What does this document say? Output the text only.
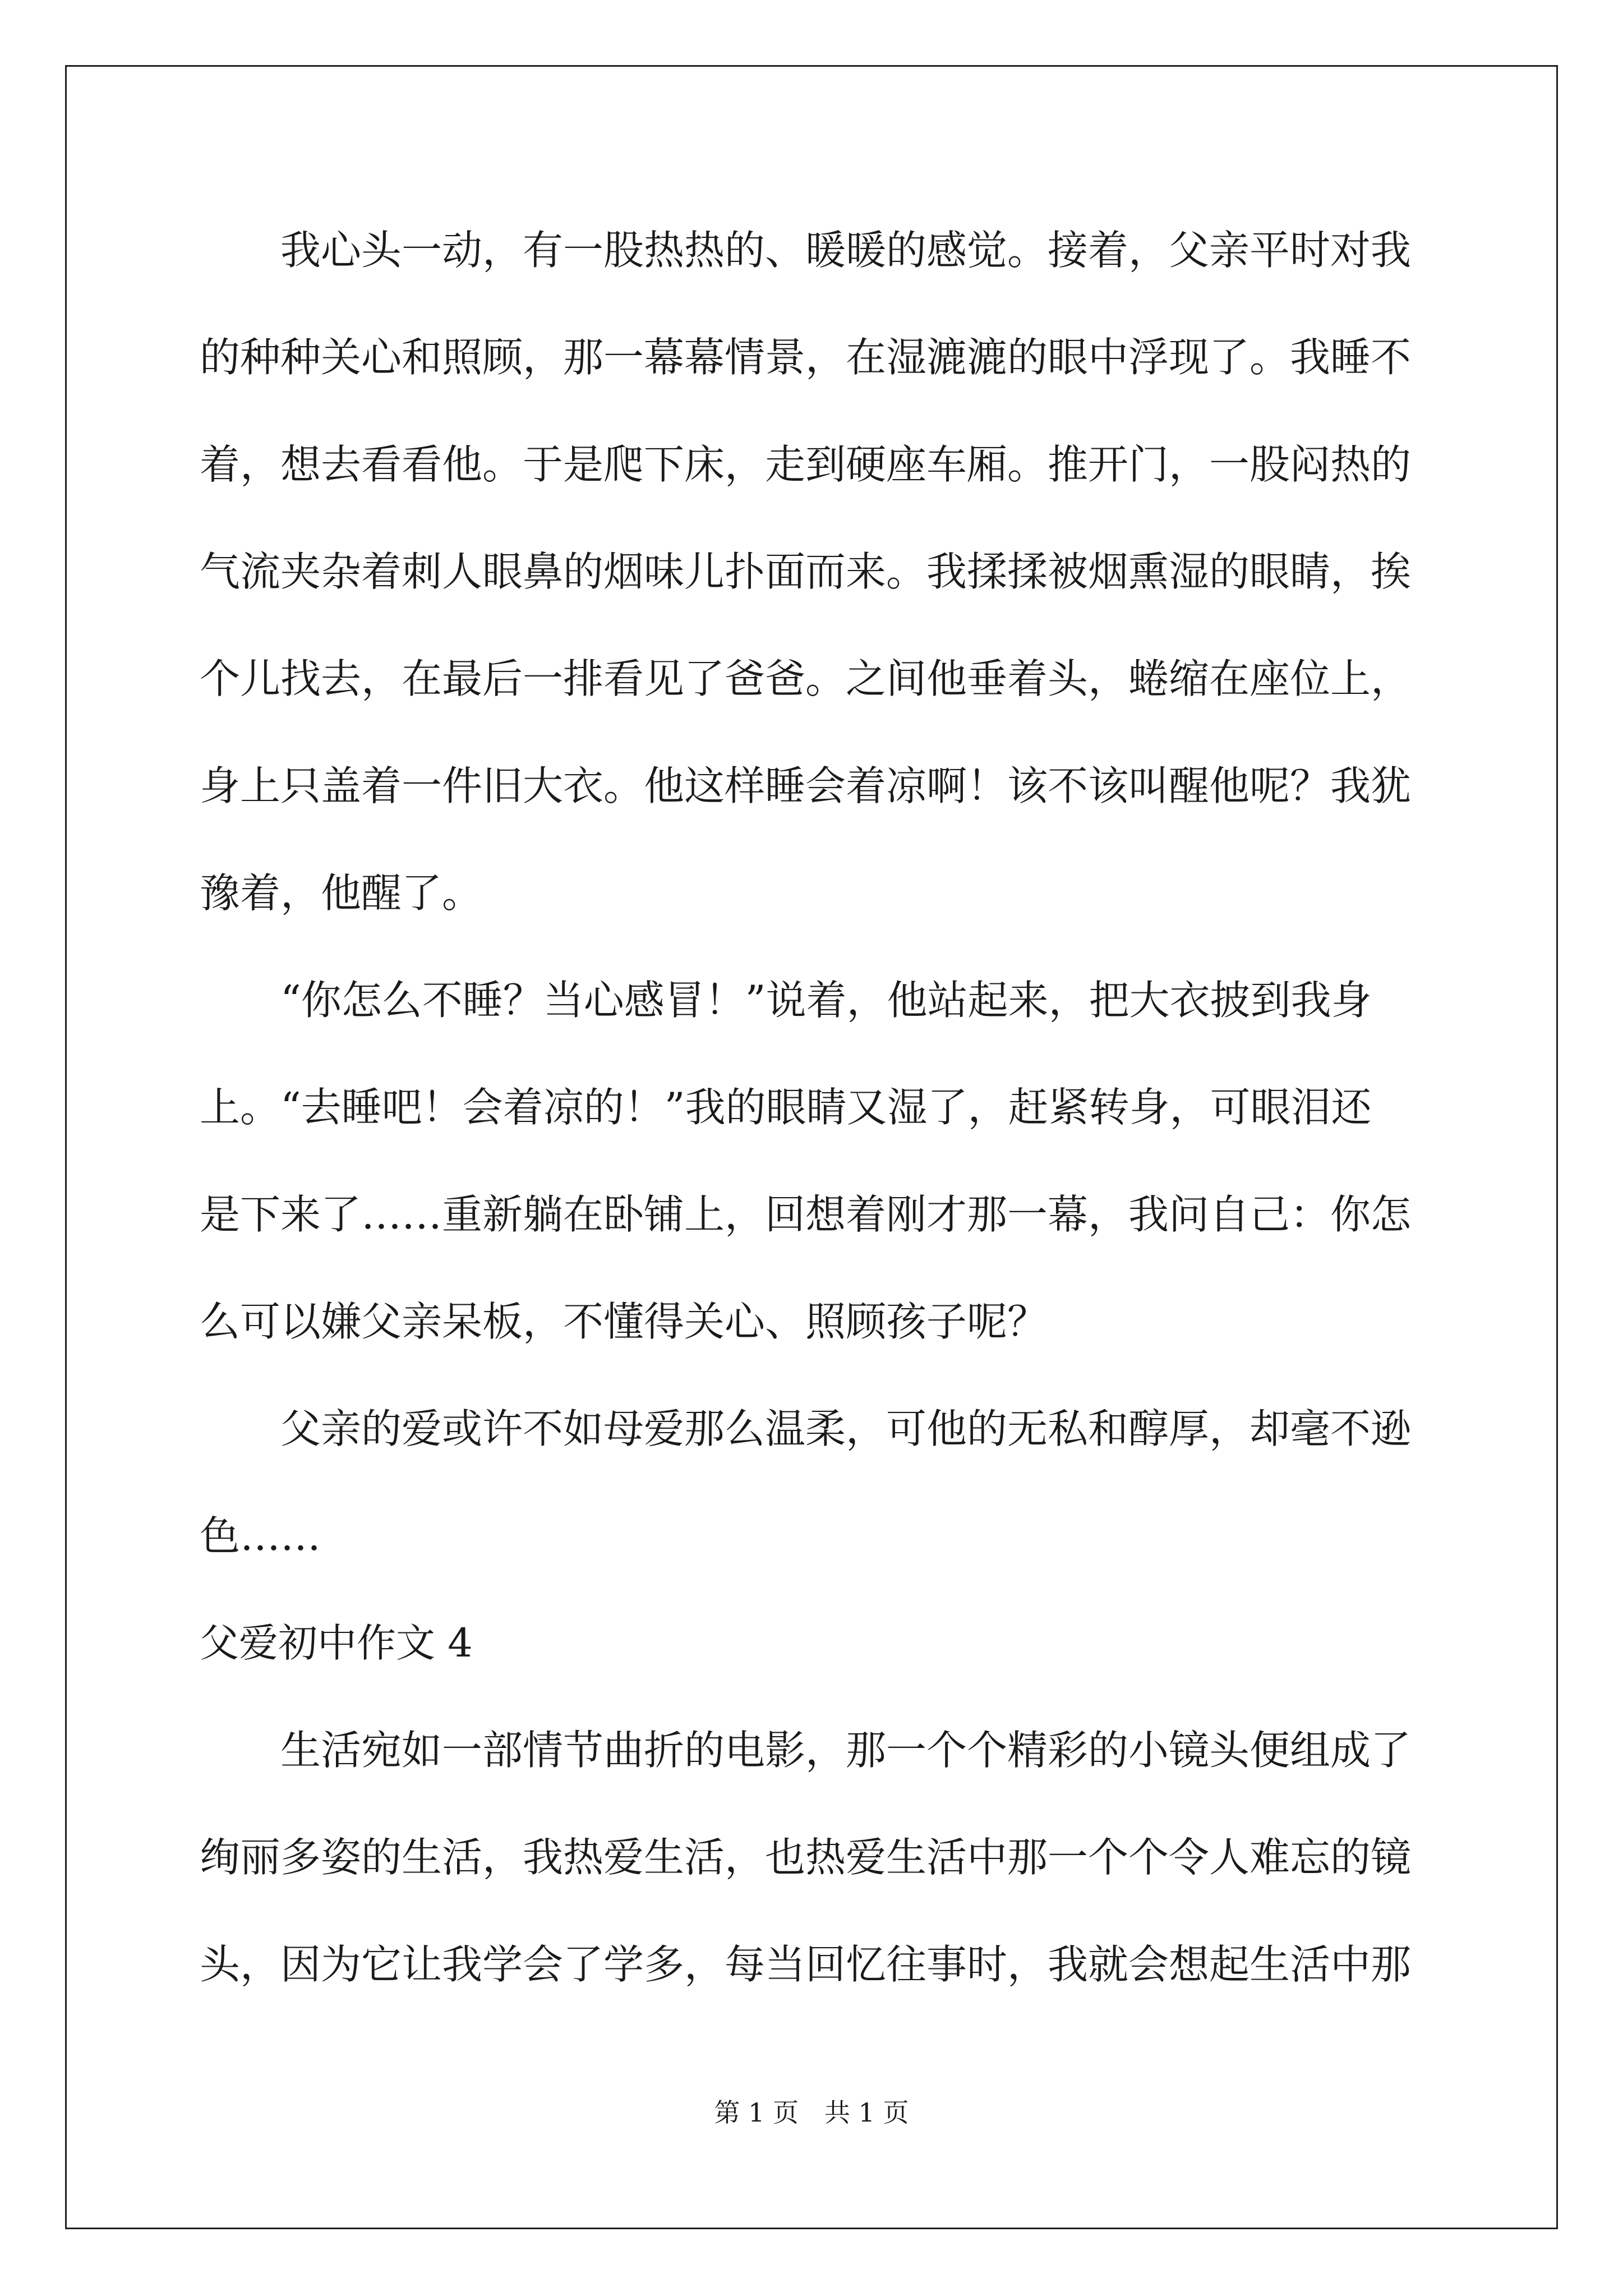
　　我心头一动，有一股热热的、暖暖的感觉。接着，父亲平时对我
的种种关心和照顾，那一幕幕情景，在湿漉漉的眼中浮现了。我睡不
着，想去看看他。于是爬下床，走到硬座车厢。推开门，一股闷热的
气流夹杂着刺人眼鼻的烟味儿扑面而来。我揉揉被烟熏湿的眼睛，挨
个儿找去，在最后一排看见了爸爸。之间他垂着头，蜷缩在座位上，
身上只盖着一件旧大衣。他这样睡会着凉啊！该不该叫醒他呢？我犹
豫着，他醒了。
　　“你怎么不睡？当心感冒！”说着，他站起来，把大衣披到我身
上。“去睡吧！会着凉的！”我的眼睛又湿了，赶紧转身，可眼泪还
是下来了……重新躺在卧铺上，回想着刚才那一幕，我问自己：你怎
么可以嫌父亲呆板，不懂得关心、照顾孩子呢？
　　父亲的爱或许不如母爱那么温柔，可他的无私和醇厚，却毫不逊
色……
父爱初中作文 4
　　生活宛如一部情节曲折的电影，那一个个精彩的小镜头便组成了
绚丽多姿的生活，我热爱生活，也热爱生活中那一个个令人难忘的镜
头，因为它让我学会了学多，每当回忆往事时，我就会想起生活中那
第 1 页　共 1 页
